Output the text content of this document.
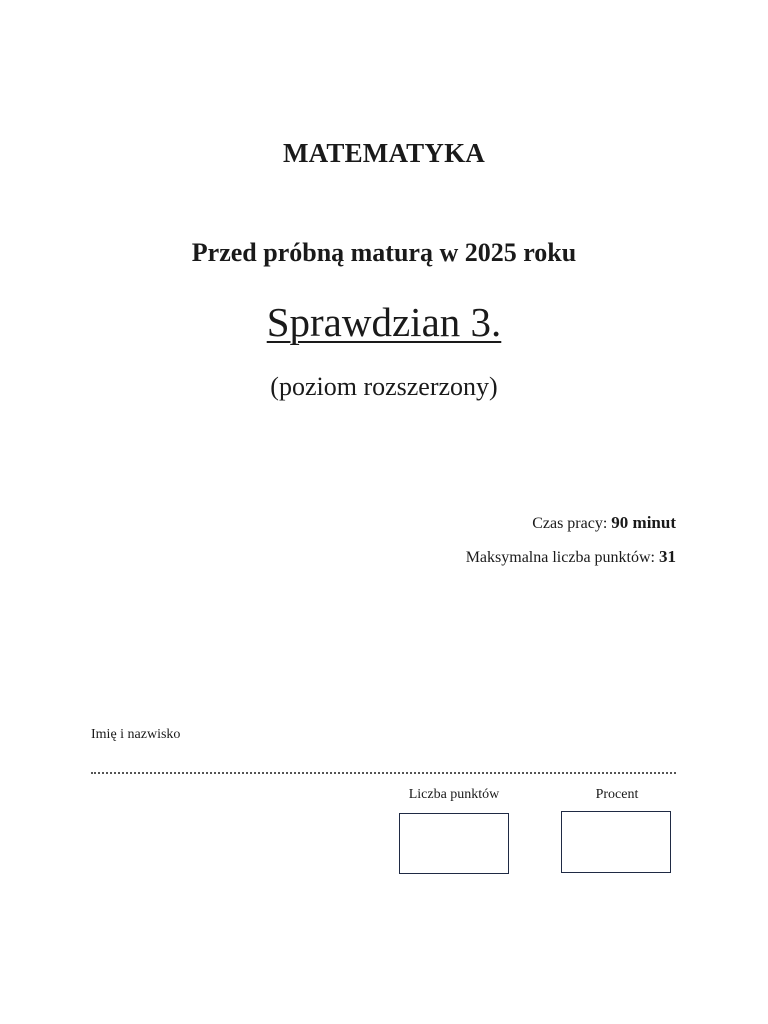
MATEMATYKA
Przed próbną maturą w 2025 roku
Sprawdzian 3.
(poziom rozszerzony)
Czas pracy: 90 minut
Maksymalna liczba punktów: 31
Imię i nazwisko
Liczba punktów	Procent
